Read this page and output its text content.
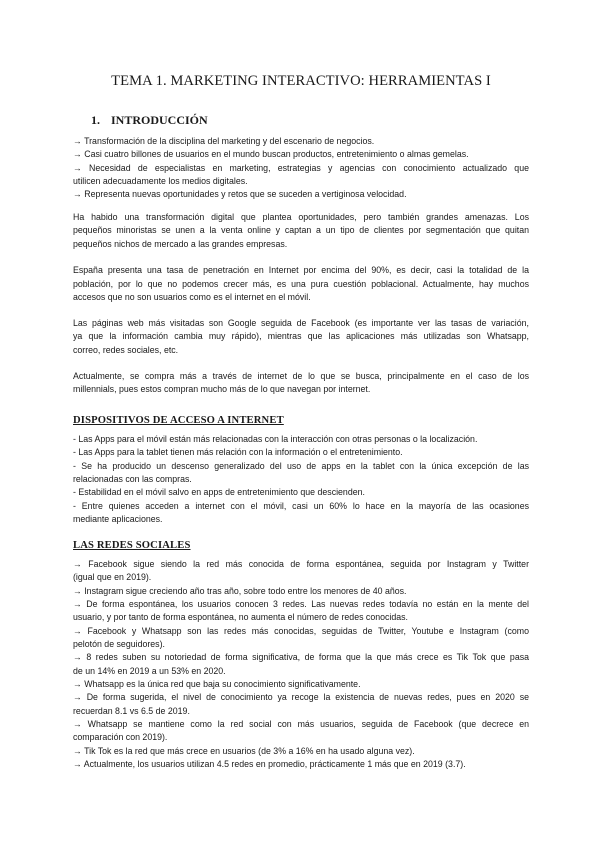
TEMA 1. MARKETING INTERACTIVO: HERRAMIENTAS I
1. INTRODUCCIÓN
→ Transformación de la disciplina del marketing y del escenario de negocios.
→ Casi cuatro billones de usuarios en el mundo buscan productos, entretenimiento o almas gemelas.
→ Necesidad de especialistas en marketing, estrategias y agencias con conocimiento actualizado que
utilicen adecuadamente los medios digitales.
→ Representa nuevas oportunidades y retos que se suceden a vertiginosa velocidad.
Ha habido una transformación digital que plantea oportunidades, pero también grandes amenazas. Los
pequeños minoristas se unen a la venta online y captan a un tipo de clientes por segmentación que quitan
pequeños nichos de mercado a las grandes empresas.
España presenta una tasa de penetración en Internet por encima del 90%, es decir, casi la totalidad de la
población, por lo que no podemos crecer más, es una pura cuestión poblacional. Actualmente, hay muchos
accesos que no son usuarios como es el internet en el móvil.
Las páginas web más visitadas son Google seguida de Facebook (es importante ver las tasas de variación,
ya que la información cambia muy rápido), mientras que las aplicaciones más utilizadas son Whatsapp,
correo, redes sociales, etc.
Actualmente, se compra más a través de internet de lo que se busca, principalmente en el caso de los
millennials, pues estos compran mucho más de lo que navegan por internet.
DISPOSITIVOS DE ACCESO A INTERNET
- Las Apps para el móvil están más relacionadas con la interacción con otras personas o la localización.
- Las Apps para la tablet tienen más relación con la información o el entretenimiento.
- Se ha producido un descenso generalizado del uso de apps en la tablet con la única excepción de las
relacionadas con las compras.
- Estabilidad en el móvil salvo en apps de entretenimiento que descienden.
- Entre quienes acceden a internet con el móvil, casi un 60% lo hace en la mayoría de las ocasiones
mediante aplicaciones.
LAS REDES SOCIALES
→ Facebook sigue siendo la red más conocida de forma espontánea, seguida por Instagram y Twitter
(igual que en 2019).
→ Instagram sigue creciendo año tras año, sobre todo entre los menores de 40 años.
→ De forma espontánea, los usuarios conocen 3 redes. Las nuevas redes todavía no están en la mente del
usuario, y por tanto de forma espontánea, no aumenta el número de redes conocidas.
→ Facebook y Whatsapp son las redes más conocidas, seguidas de Twitter, Youtube e Instagram (como
pelotón de seguidores).
→ 8 redes suben su notoriedad de forma significativa, de forma que la que más crece es Tik Tok que pasa
de un 14% en 2019 a un 53% en 2020.
→ Whatsapp es la única red que baja su conocimiento significativamente.
→ De forma sugerida, el nivel de conocimiento ya recoge la existencia de nuevas redes, pues en 2020 se
recuerdan 8.1 vs 6.5 de 2019.
→ Whatsapp se mantiene como la red social con más usuarios, seguida de Facebook (que decrece en
comparación con 2019).
→ Tik Tok es la red que más crece en usuarios (de 3% a 16% en ha usado alguna vez).
→ Actualmente, los usuarios utilizan 4.5 redes en promedio, prácticamente 1 más que en 2019 (3.7).
